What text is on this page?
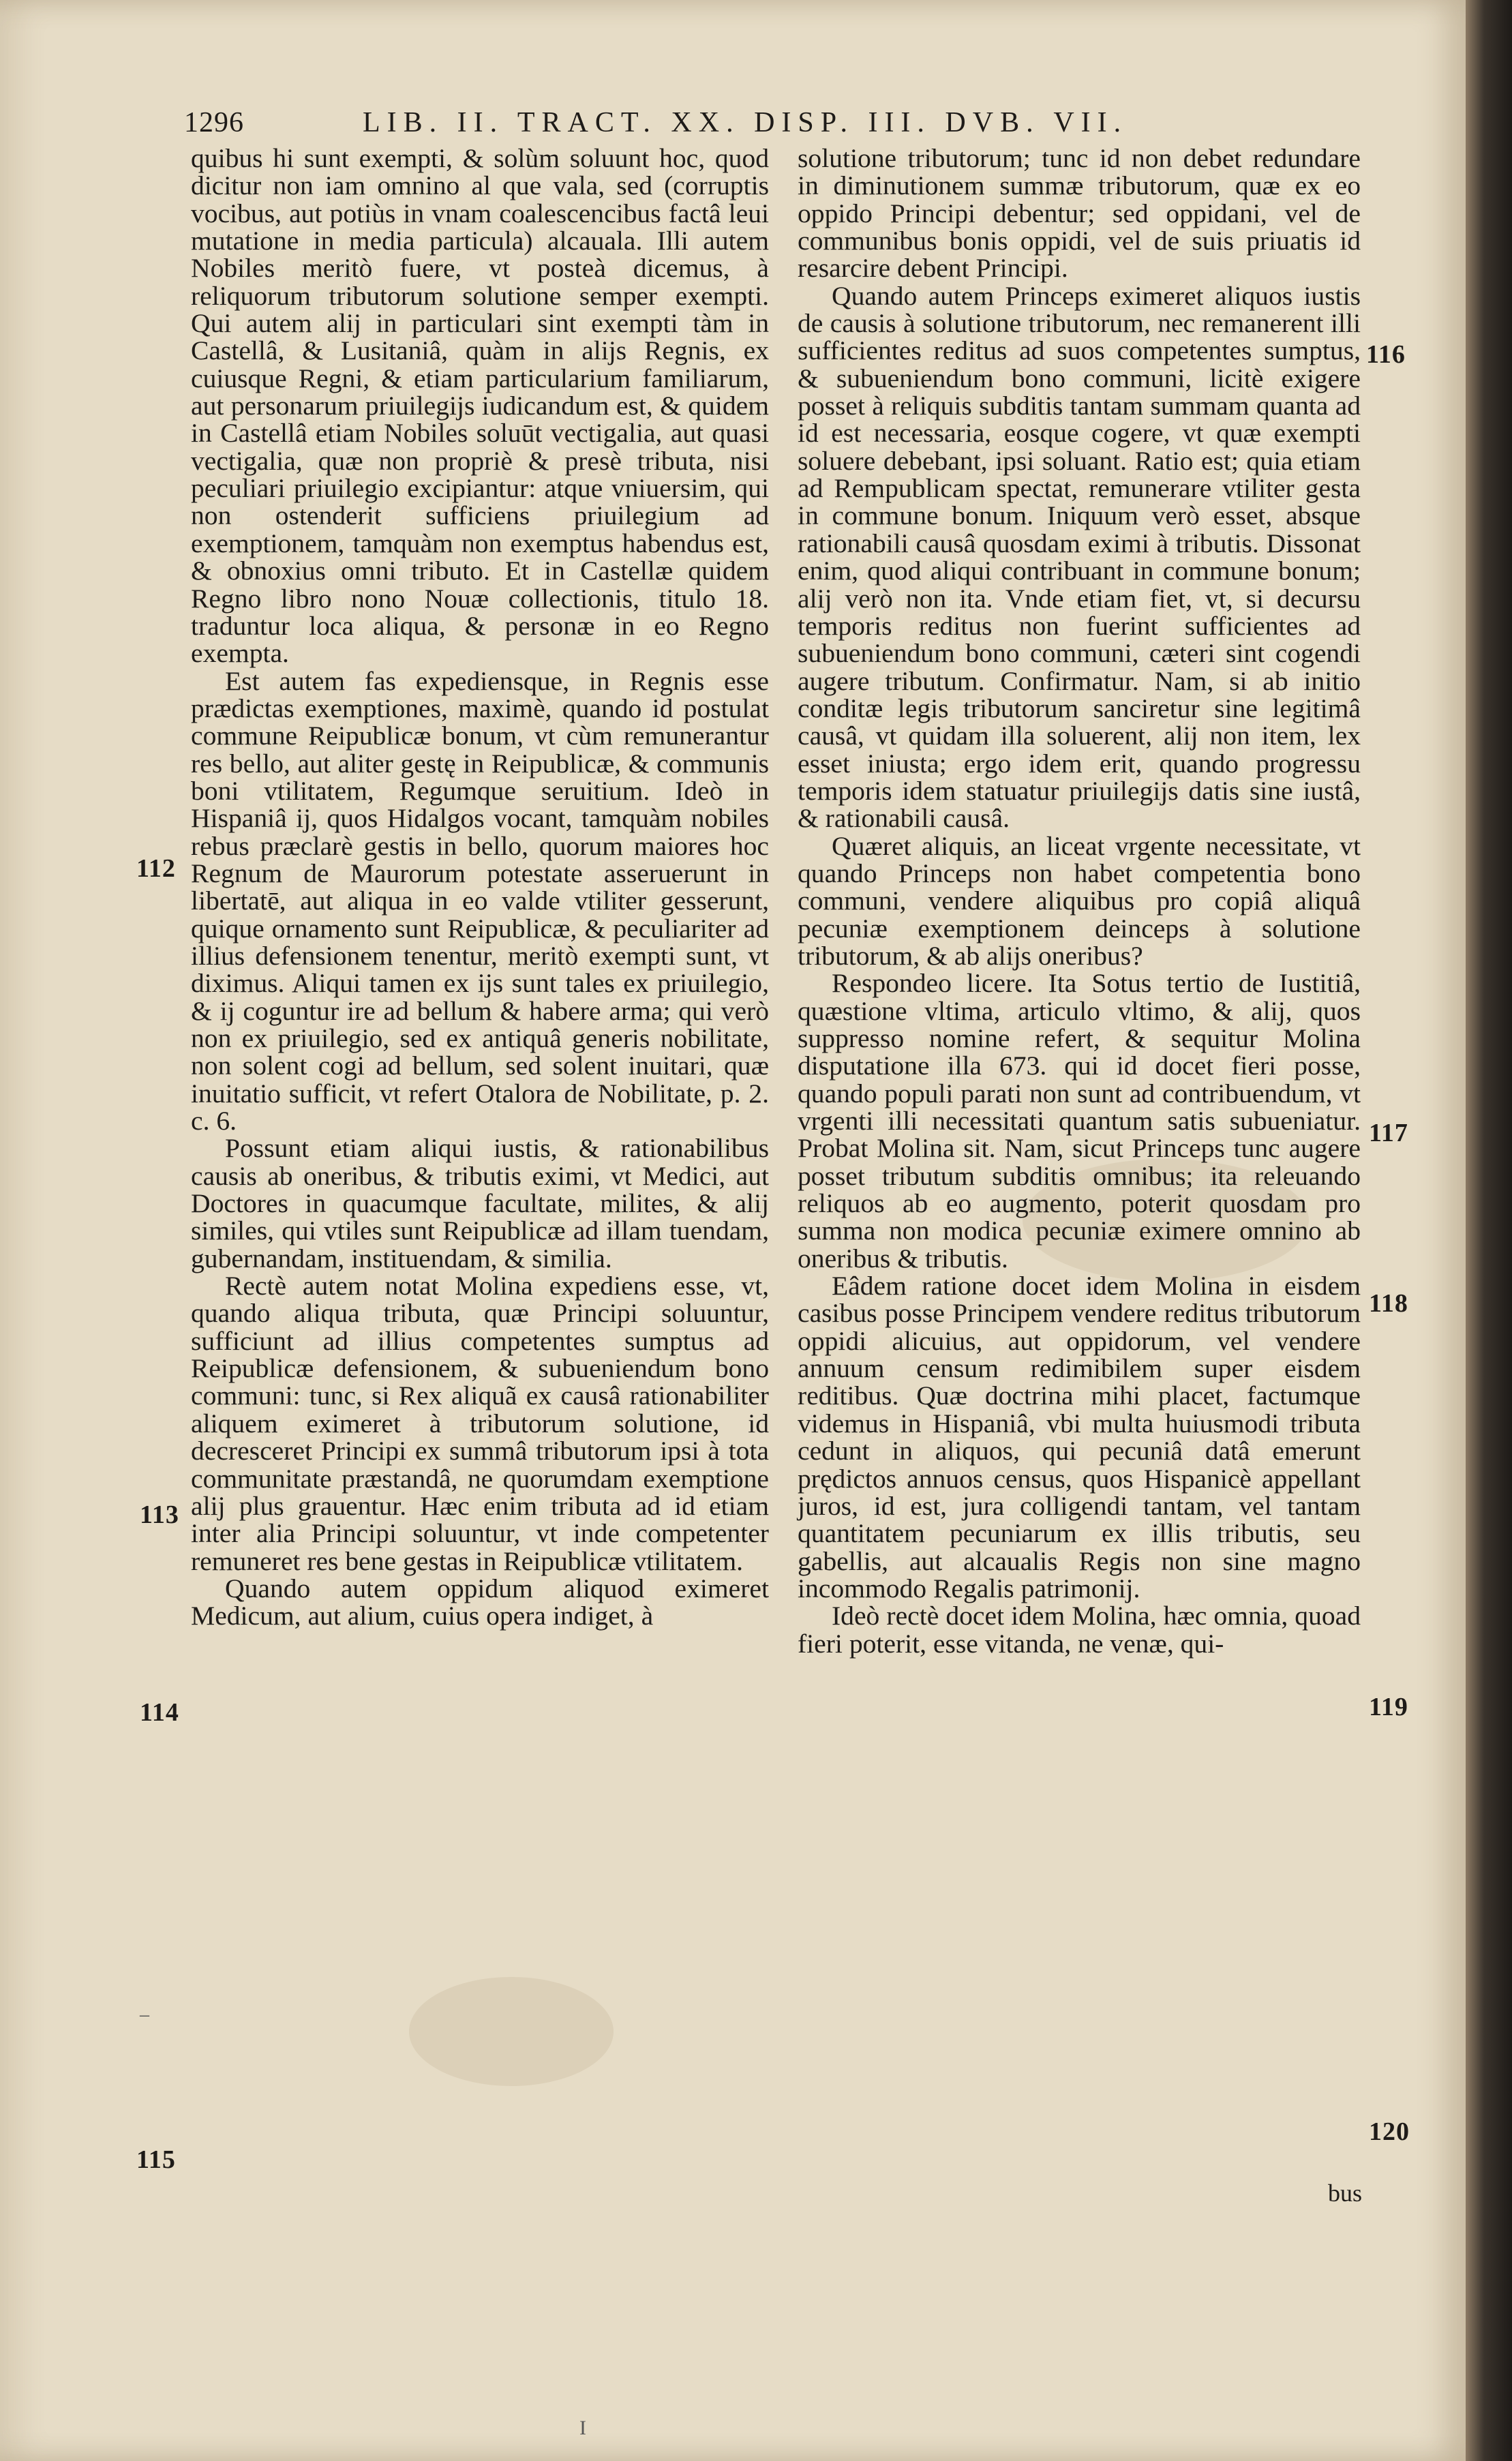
1296	LIB. II. TRACT. XX. DISP. III. DVB. VII.

quibus hi sunt exempti, & solùm soluunt hoc, quod dicitur non iam omnino al que vala, sed (corruptis vocibus, aut potiùs in vnam coalescencibus factâ leui mutatione in media particula) alcauala. Illi autem Nobiles meritò fuere, vt posteà dicemus, à reliquorum tributorum solutione semper exempti. Qui autem alij in particulari sint exempti tàm in Castellâ, & Lusitaniâ, quàm in alijs Regnis, ex cuiusque Regni, & etiam particularium familiarum, aut personarum priuilegijs iudicandum est, & quidem in Castellâ etiam Nobiles soluūt vectigalia, aut quasi vectigalia, quæ non propriè & presè tributa, nisi peculiari priuilegio excipiantur: atque vniuersim, qui non ostenderit sufficiens priuilegium ad exemptionem, tamquàm non exemptus habendus est, & obnoxius omni tributo. Et in Castellæ quidem Regno libro nono Nouæ collectionis, titulo 18. traduntur loca aliqua, & personæ in eo Regno exempta.

Est autem fas expediensque, in Regnis esse prædictas exemptiones, maximè, quando id postulat commune Reipublicæ bonum, vt cùm remunerantur res bello, aut aliter gestę in Reipublicæ, & communis boni vtilitatem, Regumque seruitium. Ideò in Hispaniâ ij, quos Hidalgos vocant, tamquàm nobiles rebus præclarè gestis in bello, quorum maiores hoc Regnum de Maurorum potestate asseruerunt in libertatē, aut aliqua in eo valde vtiliter gesserunt, quique ornamento sunt Reipublicæ, & peculiariter ad illius defensionem tenentur, meritò exempti sunt, vt diximus. Aliqui tamen ex ijs sunt tales ex priuilegio, & ij coguntur ire ad bellum & habere arma; qui verò non ex priuilegio, sed ex antiquâ generis nobilitate, non solent cogi ad bellum, sed solent inuitari, quæ inuitatio sufficit, vt refert Otalora de Nobilitate, p. 2. c. 6.

Possunt etiam aliqui iustis, & rationabilibus causis ab oneribus, & tributis eximi, vt Medici, aut Doctores in quacumque facultate, milites, & alij similes, qui vtiles sunt Reipublicæ ad illam tuendam, gubernandam, instituendam, & similia.

Rectè autem notat Molina expediens esse, vt, quando aliqua tributa, quæ Principi soluuntur, sufficiunt ad illius competentes sumptus ad Reipublicæ defensionem, & subueniendum bono communi: tunc, si Rex aliquã ex causâ rationabiliter aliquem eximeret à tributorum solutione, id decresceret Principi ex summâ tributorum ipsi à tota communitate præstandâ, ne quorumdam exemptione alij plus grauentur. Hæc enim tributa ad id etiam inter alia Principi soluuntur, vt inde competenter remuneret res bene gestas in Reipublicæ vtilitatem.

Quando autem oppidum aliquod eximeret Medicum, aut alium, cuius opera indiget, à

solutione tributorum; tunc id non debet redundare in diminutionem summæ tributorum, quæ ex eo oppido Principi debentur; sed oppidani, vel de communibus bonis oppidi, vel de suis priuatis id resarcire debent Principi.

Quando autem Princeps eximeret aliquos iustis de causis à solutione tributorum, nec remanerent illi sufficientes reditus ad suos competentes sumptus, & subueniendum bono communi, licitè exigere posset à reliquis subditis tantam summam quanta ad id est necessaria, eosque cogere, vt quæ exempti soluere debebant, ipsi soluant. Ratio est; quia etiam ad Rempublicam spectat, remunerare vtiliter gesta in commune bonum. Iniquum verò esset, absque rationabili causâ quosdam eximi à tributis. Dissonat enim, quod aliqui contribuant in commune bonum; alij verò non ita. Vnde etiam fiet, vt, si decursu temporis reditus non fuerint sufficientes ad subueniendum bono communi, cæteri sint cogendi augere tributum. Confirmatur. Nam, si ab initio conditæ legis tributorum sanciretur sine legitimâ causâ, vt quidam illa soluerent, alij non item, lex esset iniusta; ergo idem erit, quando progressu temporis idem statuatur priuilegijs datis sine iustâ, & rationabili causâ.

Quæret aliquis, an liceat vrgente necessitate, vt quando Princeps non habet competentia bono communi, vendere aliquibus pro copiâ aliquâ pecuniæ exemptionem deinceps à solutione tributorum, & ab alijs oneribus?

Respondeo licere. Ita Sotus tertio de Iustitiâ, quæstione vltima, articulo vltimo, & alij, quos suppresso nomine refert, & sequitur Molina disputatione illa 673. qui id docet fieri posse, quando populi parati non sunt ad contribuendum, vt vrgenti illi necessitati quantum satis subueniatur. Probat Molina sit. Nam, sicut Princeps tunc augere posset tributum subditis omnibus; ita releuando reliquos ab eo augmento, poterit quosdam pro summa non modica pecuniæ eximere omnino ab oneribus & tributis.

Eâdem ratione docet idem Molina in eisdem casibus posse Principem vendere reditus tributorum oppidi alicuius, aut oppidorum, vel vendere annuum censum redimibilem super eisdem reditibus. Quæ doctrina mihi placet, factumque videmus in Hispaniâ, vbi multa huiusmodi tributa cedunt in aliquos, qui pecuniâ datâ emerunt prędictos annuos census, quos Hispanicè appellant juros, id est, jura colligendi tantam, vel tantam quantitatem pecuniarum ex illis tributis, seu gabellis, aut alcaualis Regis non sine magno incommodo Regalis patrimonij.

Ideò rectè docet idem Molina, hæc omnia, quoad fieri poterit, esse vitanda, ne venæ, qui-

112
113
114
115
116
117
118
119
120
bus
I
–
